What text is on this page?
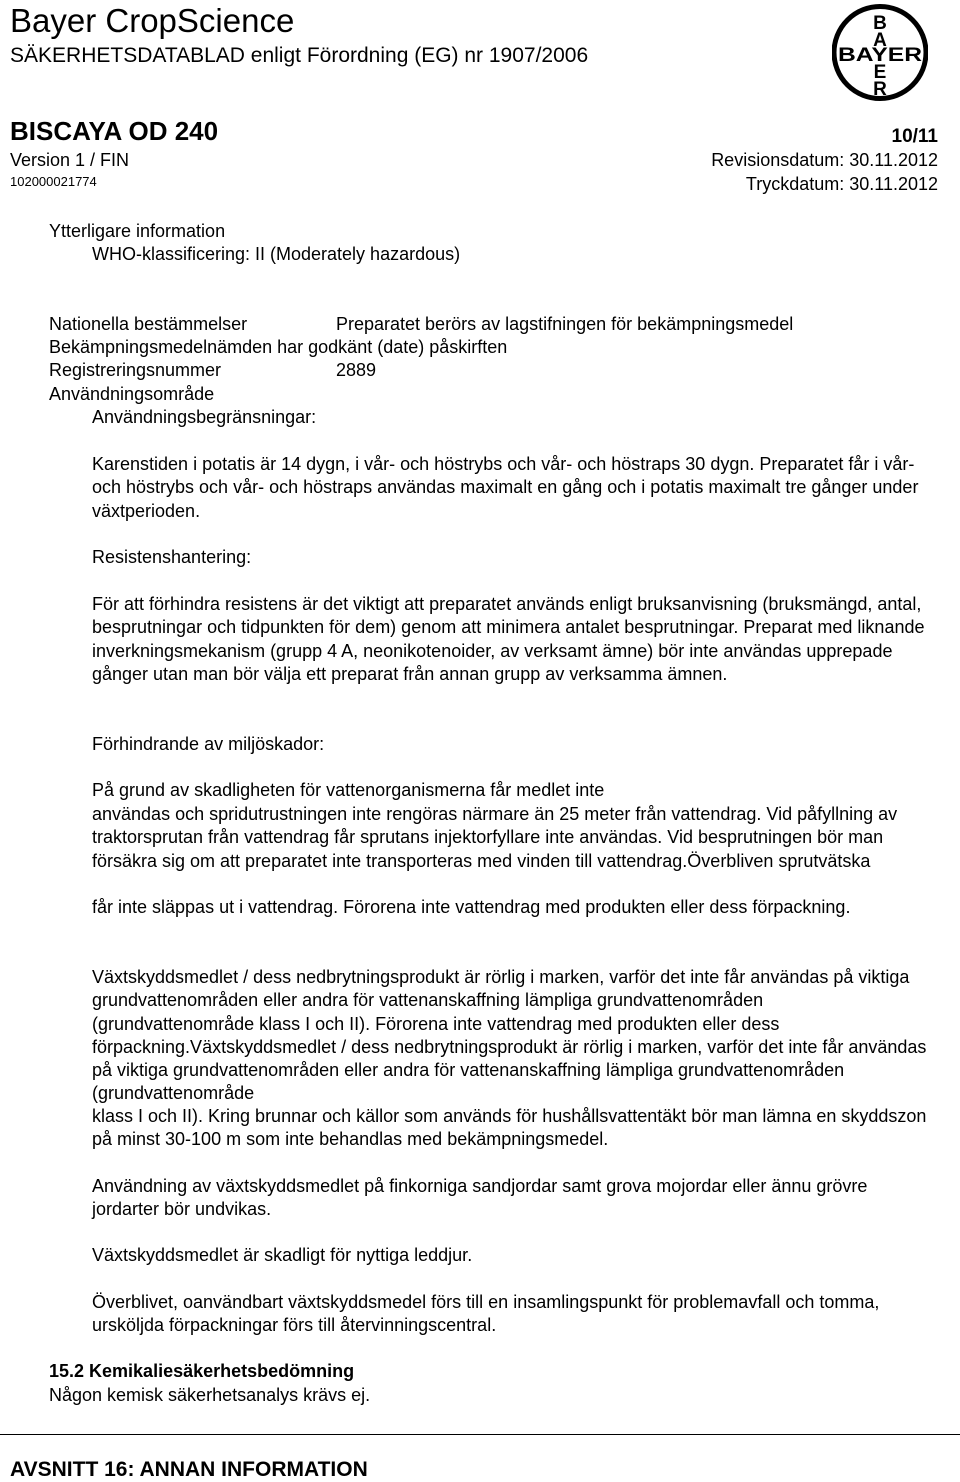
Bayer CropScience
SÄKERHETSDATABLAD enligt Förordning (EG) nr 1907/2006
B
A
BAYER
E
R
BISCAYA OD 240	10/11
Version 1 / FIN	Revisionsdatum: 30.11.2012
102000021774	Tryckdatum: 30.11.2012
Ytterligare information
WHO-klassificering: II (Moderately hazardous)
Nationella bestämmelser	Preparatet berörs av lagstifningen för bekämpningsmedel
Bekämpningsmedelnämden har godkänt (date) påskirften
Registreringsnummer	2889
Användningsområde
Användningsbegränsningar:
Karenstiden i potatis är 14 dygn, i vår- och höstrybs och vår- och höstraps 30 dygn. Preparatet får i vår- och höstrybs och vår- och höstraps användas maximalt en gång och i potatis maximalt tre gånger under växtperioden.
Resistenshantering:
För att förhindra resistens är det viktigt att preparatet används enligt bruksanvisning (bruksmängd, antal, besprutningar och tidpunkten för dem) genom att minimera antalet besprutningar. Preparat med liknande inverkningsmekanism (grupp 4 A, neonikotenoider, av verksamt ämne) bör inte användas upprepade gånger utan man bör välja ett preparat från annan grupp av verksamma ämnen.
Förhindrande av miljöskador:
På grund av skadligheten för vattenorganismerna får medlet inte
användas och spridutrustningen inte rengöras närmare än 25 meter från vattendrag. Vid påfyllning av traktorsprutan från vattendrag får sprutans injektorfyllare inte användas. Vid besprutningen bör man försäkra sig om att preparatet inte transporteras med vinden till vattendrag.Överbliven sprutvätska
får inte släppas ut i vattendrag. Förorena inte vattendrag med produkten eller dess förpackning.
Växtskyddsmedlet / dess nedbrytningsprodukt är rörlig i marken, varför det inte får användas på viktiga grundvattenområden eller andra för vattenanskaffning lämpliga grundvattenområden (grundvattenområde klass I och II). Förorena inte vattendrag med produkten eller dess förpackning.Växtskyddsmedlet / dess nedbrytningsprodukt är rörlig i marken, varför det inte får användas på viktiga grundvattenområden eller andra för vattenanskaffning lämpliga grundvattenområden (grundvattenområde
klass I och II). Kring brunnar och källor som används för hushållsvattentäkt bör man lämna en skyddszon på minst 30-100 m som inte behandlas med bekämpningsmedel.
Användning av växtskyddsmedlet på finkorniga sandjordar samt grova mojordar eller ännu grövre jordarter bör undvikas.
Växtskyddsmedlet är skadligt för nyttiga leddjur.
Överblivet, oanvändbart växtskyddsmedel förs till en insamlingspunkt för problemavfall och tomma, ursköljda förpackningar förs till återvinningscentral.
15.2 Kemikaliesäkerhetsbedömning
Någon kemisk säkerhetsanalys krävs ej.
AVSNITT 16: ANNAN INFORMATION
